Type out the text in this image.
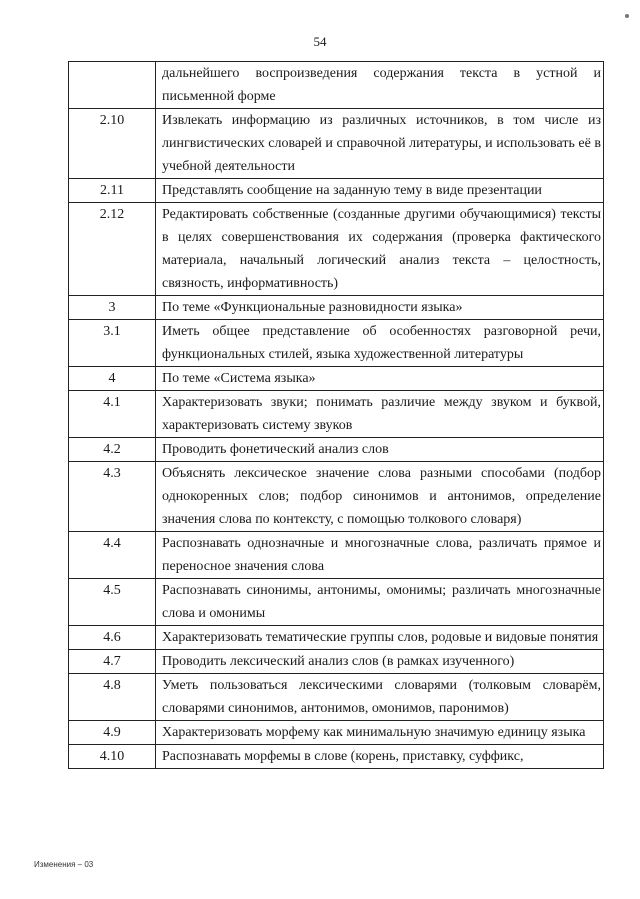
54
	дальнейшего воспроизведения содержания текста в устной и письменной форме
2.10	Извлекать информацию из различных источников, в том числе из лингвистических словарей и справочной литературы, и использовать её в учебной деятельности
2.11	Представлять сообщение на заданную тему в виде презентации
2.12	Редактировать собственные (созданные другими обучающимися) тексты в целях совершенствования их содержания (проверка фактического материала, начальный логический анализ текста – целостность, связность, информативность)
3	По теме «Функциональные разновидности языка»
3.1	Иметь общее представление об особенностях разговорной речи, функциональных стилей, языка художественной литературы
4	По теме «Система языка»
4.1	Характеризовать звуки; понимать различие между звуком и буквой, характеризовать систему звуков
4.2	Проводить фонетический анализ слов
4.3	Объяснять лексическое значение слова разными способами (подбор однокоренных слов; подбор синонимов и антонимов, определение значения слова по контексту, с помощью толкового словаря)
4.4	Распознавать однозначные и многозначные слова, различать прямое и переносное значения слова
4.5	Распознавать синонимы, антонимы, омонимы; различать многозначные слова и омонимы
4.6	Характеризовать тематические группы слов, родовые и видовые понятия
4.7	Проводить лексический анализ слов (в рамках изученного)
4.8	Уметь пользоваться лексическими словарями (толковым словарём, словарями синонимов, антонимов, омонимов, паронимов)
4.9	Характеризовать морфему как минимальную значимую единицу языка
4.10	Распознавать морфемы в слове (корень, приставку, суффикс,
Изменения – 03
